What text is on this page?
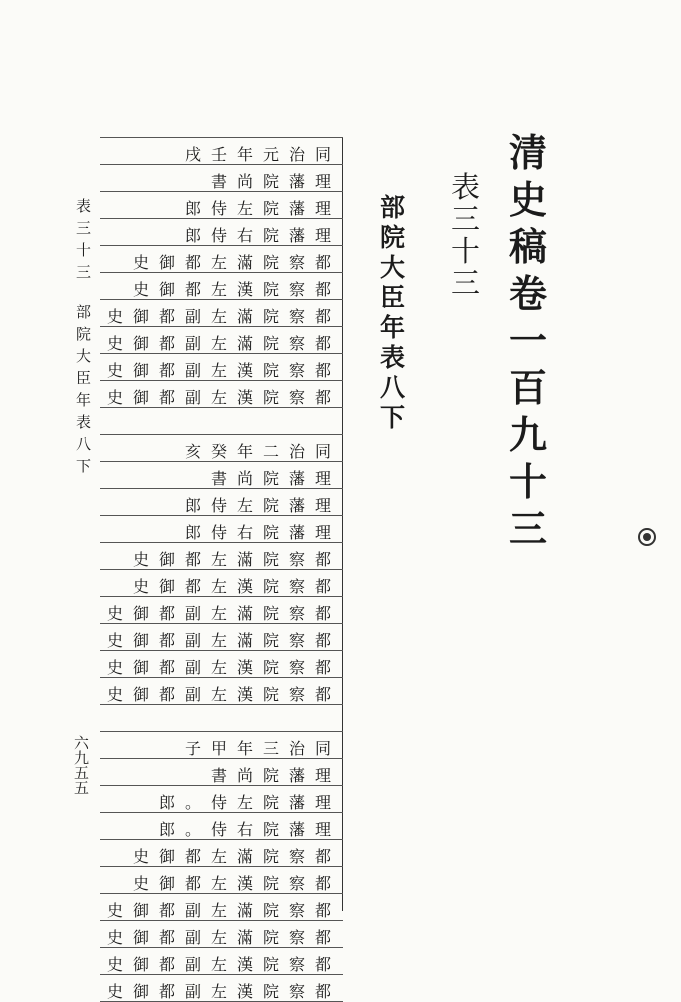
清
史
稿
卷
一
百
九
十
三
表
三
十
三
部
院
大
臣
年
表
八
下
表
三
十
三
部
院
大
臣
年
表
八
下
六
九
五
五
戌壬年元治同
書尚院藩理
郎侍左院藩理
郎侍右院藩理
史御都左滿院察都
史御都左漢院察都
史御都副左滿院察都
史御都副左滿院察都
史御都副左漢院察都
史御都副左漢院察都
亥癸年二治同
書尚院藩理
郎侍左院藩理
郎侍右院藩理
史御都左滿院察都
史御都左漢院察都
史御都副左滿院察都
史御都副左滿院察都
史御都副左漢院察都
史御都副左漢院察都
子甲年三治同
書尚院藩理
郎。侍左院藩理
郎。侍右院藩理
史御都左滿院察都
史御都左漢院察都
史御都副左滿院察都
史御都副左滿院察都
史御都副左漢院察都
史御都副左漢院察都
